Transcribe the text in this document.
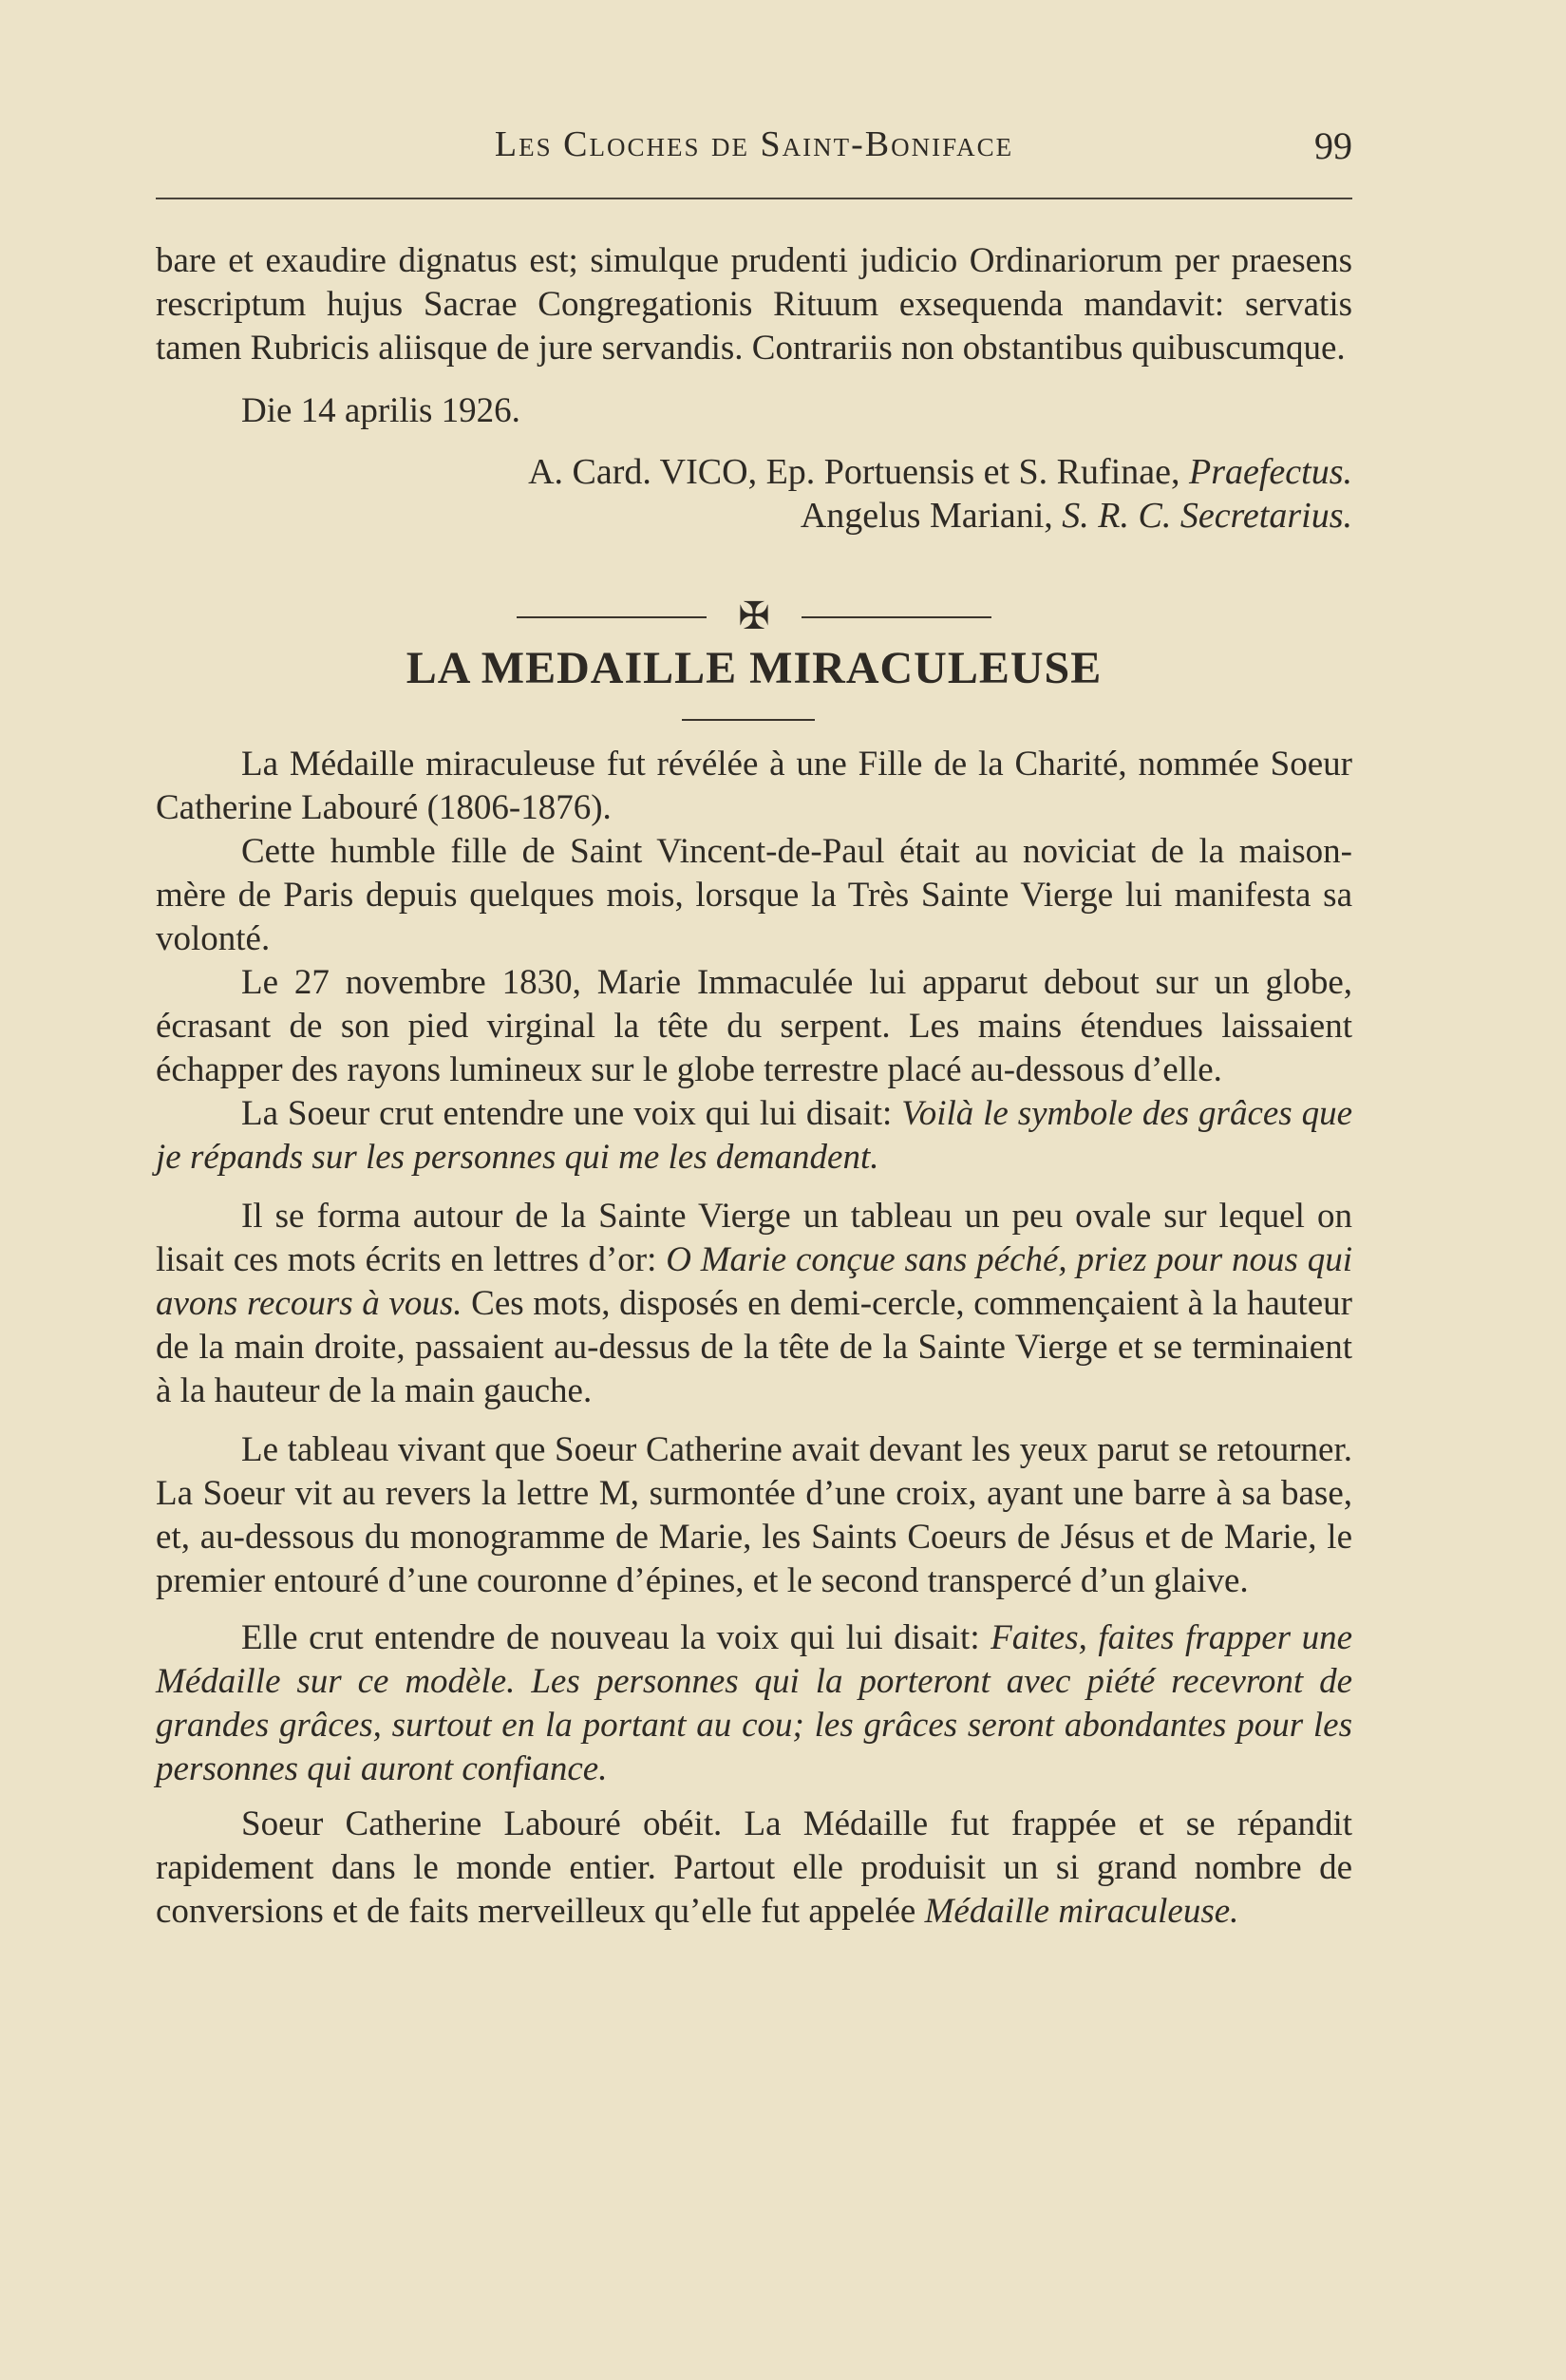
Les Cloches de Saint-Boniface	99

bare et exaudire dignatus est; simulque prudenti judicio Ordinariorum per praesens rescriptum hujus Sacrae Congregationis Rituum exsequenda mandavit: servatis tamen Rubricis aliisque de jure servandis. Contrariis non obstantibus quibuscumque.

Die 14 aprilis 1926.

A. Card. VICO, Ep. Portuensis et S. Rufinae, Praefectus.
Angelus Mariani, S. R. C. Secretarius.
✠
LA MEDAILLE MIRACULEUSE

La Médaille miraculeuse fut révélée à une Fille de la Charité, nommée Soeur Catherine Labouré (1806-1876).

Cette humble fille de Saint Vincent-de-Paul était au noviciat de la maison-mère de Paris depuis quelques mois, lorsque la Très Sainte Vierge lui manifesta sa volonté.

Le 27 novembre 1830, Marie Immaculée lui apparut debout sur un globe, écrasant de son pied virginal la tête du serpent. Les mains étendues laissaient échapper des rayons lumineux sur le globe terrestre placé au-dessous d’elle.

La Soeur crut entendre une voix qui lui disait: Voilà le symbole des grâces que je répands sur les personnes qui me les demandent.

Il se forma autour de la Sainte Vierge un tableau un peu ovale sur lequel on lisait ces mots écrits en lettres d’or: O Marie conçue sans péché, priez pour nous qui avons recours à vous. Ces mots, disposés en demi-cercle, commençaient à la hauteur de la main droite, passaient au-dessus de la tête de la Sainte Vierge et se terminaient à la hauteur de la main gauche.

Le tableau vivant que Soeur Catherine avait devant les yeux parut se retourner. La Soeur vit au revers la lettre M, surmontée d’une croix, ayant une barre à sa base, et, au-dessous du monogramme de Marie, les Saints Coeurs de Jésus et de Marie, le premier entouré d’une couronne d’épines, et le second transpercé d’un glaive.

Elle crut entendre de nouveau la voix qui lui disait: Faites, faites frapper une Médaille sur ce modèle. Les personnes qui la porteront avec piété recevront de grandes grâces, surtout en la portant au cou; les grâces seront abondantes pour les personnes qui auront confiance.

Soeur Catherine Labouré obéit. La Médaille fut frappée et se répandit rapidement dans le monde entier. Partout elle produisit un si grand nombre de conversions et de faits merveilleux qu’elle fut appelée Médaille miraculeuse.
